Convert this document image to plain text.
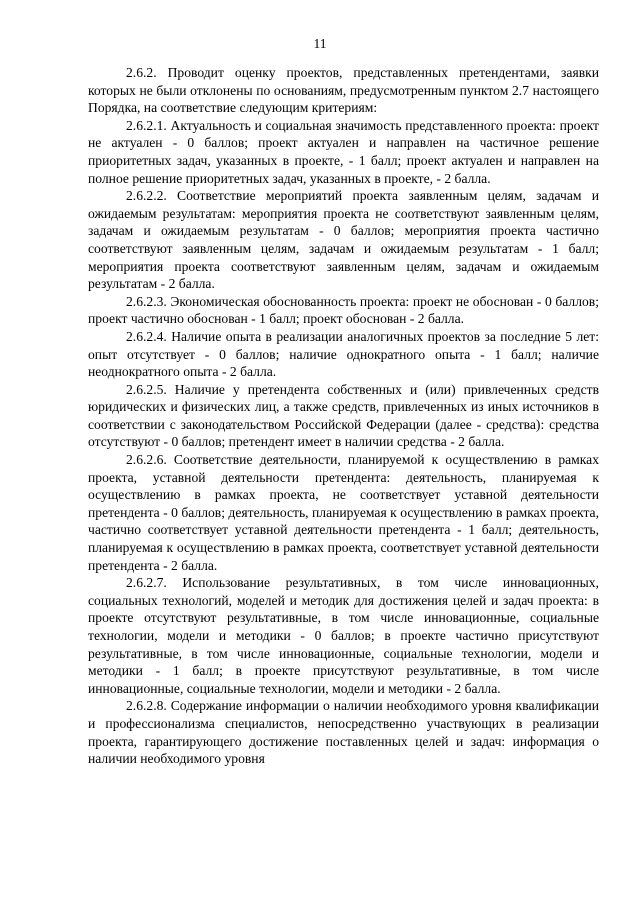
11

2.6.2. Проводит оценку проектов, представленных претендентами, заявки которых не были отклонены по основаниям, предусмотренным пунктом 2.7 настоящего Порядка, на соответствие следующим критериям:

2.6.2.1. Актуальность и социальная значимость представленного проекта: проект не актуален - 0 баллов; проект актуален и направлен на частичное решение приоритетных задач, указанных в проекте, - 1 балл; проект актуален и направлен на полное решение приоритетных задач, указанных в проекте, - 2 балла.

2.6.2.2. Соответствие мероприятий проекта заявленным целям, задачам и ожидаемым результатам: мероприятия проекта не соответствуют заявленным целям, задачам и ожидаемым результатам - 0 баллов; мероприятия проекта частично соответствуют заявленным целям, задачам и ожидаемым результатам - 1 балл; мероприятия проекта соответствуют заявленным целям, задачам и ожидаемым результатам - 2 балла.

2.6.2.3. Экономическая обоснованность проекта: проект не обоснован - 0 баллов; проект частично обоснован - 1 балл; проект обоснован - 2 балла.

2.6.2.4. Наличие опыта в реализации аналогичных проектов за последние 5 лет: опыт отсутствует - 0 баллов; наличие однократного опыта - 1 балл; наличие неоднократного опыта - 2 балла.

2.6.2.5. Наличие у претендента собственных и (или) привлеченных средств юридических и физических лиц, а также средств, привлеченных из иных источников в соответствии с законодательством Российской Федерации (далее - средства): средства отсутствуют - 0 баллов; претендент имеет в наличии средства - 2 балла.

2.6.2.6. Соответствие деятельности, планируемой к осуществлению в рамках проекта, уставной деятельности претендента: деятельность, планируемая к осуществлению в рамках проекта, не соответствует уставной деятельности претендента - 0 баллов; деятельность, планируемая к осуществлению в рамках проекта, частично соответствует уставной деятельности претендента - 1 балл; деятельность, планируемая к осуществлению в рамках проекта, соответствует уставной деятельности претендента - 2 балла.

2.6.2.7. Использование результативных, в том числе инновационных, социальных технологий, моделей и методик для достижения целей и задач проекта: в проекте отсутствуют результативные, в том числе инновационные, социальные технологии, модели и методики - 0 баллов; в проекте частично присутствуют результативные, в том числе инновационные, социальные технологии, модели и методики - 1 балл; в проекте присутствуют результативные, в том числе инновационные, социальные технологии, модели и методики - 2 балла.

2.6.2.8. Содержание информации о наличии необходимого уровня квалификации и профессионализма специалистов, непосредственно участвующих в реализации проекта, гарантирующего достижение поставленных целей и задач: информация о наличии необходимого уровня
